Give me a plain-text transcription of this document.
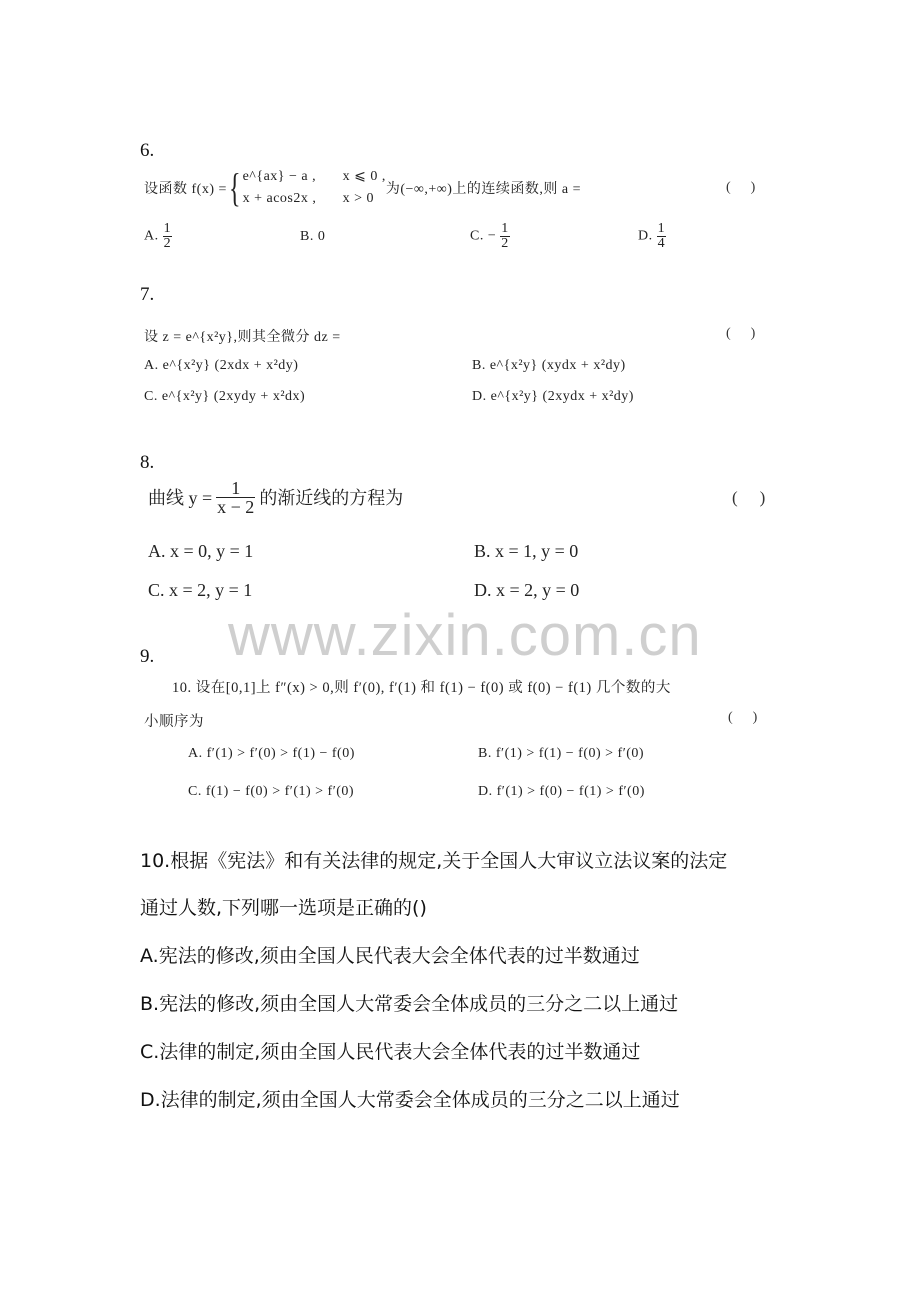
www.zixin.com.cn
6.
设函数 f(x) = { e^{ax} − a , x ⩽ 0 ,
x + acos2x , x > 0
为(−∞,+∞)上的连续函数,则 a =	()
A. $\frac{1}{2}$	B. 0	C. − $\frac{1}{2}$	D. $\frac{1}{4}$
7.
设 z = e^{x²y},则其全微分 dz =	()
A. e^{x²y} (2xdx + x²dy)	B. e^{x²y} (xydx + x²dy)
C. e^{x²y} (2xydy + x²dx)	D. e^{x²y} (2xydx + x²dy)
8.
曲线 $y = \frac{1}{x - 2}$ 的渐近线的方程为	()
A. x = 0, y = 1	B. x = 1, y = 0
C. x = 2, y = 1	D. x = 2, y = 0
9.
10. 设在[0,1]上 f″(x) > 0,则 f′(0), f′(1) 和 f(1) − f(0) 或 f(0) − f(1) 几个数的大
小顺序为	()
A. f′(1) > f′(0) > f(1) − f(0)	B. f′(1) > f(1) − f(0) > f′(0)
C. f(1) − f(0) > f′(1) > f′(0)	D. f′(1) > f(0) − f(1) > f′(0)
10.根据《宪法》和有关法律的规定,关于全国人大审议立法议案的法定
通过人数,下列哪一选项是正确的()
A.宪法的修改,须由全国人民代表大会全体代表的过半数通过
B.宪法的修改,须由全国人大常委会全体成员的三分之二以上通过
C.法律的制定,须由全国人民代表大会全体代表的过半数通过
D.法律的制定,须由全国人大常委会全体成员的三分之二以上通过
